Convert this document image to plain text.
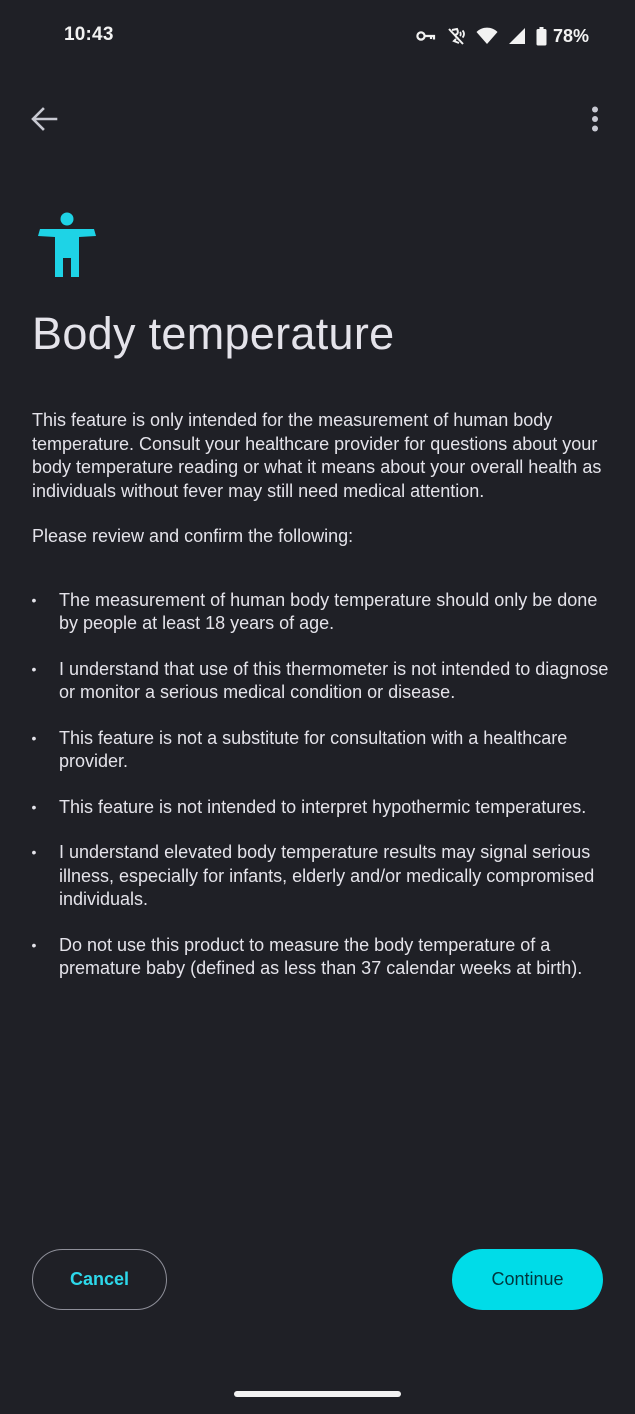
10:43	78%
Body temperature

This feature is only intended for the measurement of human body temperature. Consult your healthcare provider for questions about your body temperature reading or what it means about your overall health as individuals without fever may still need medical attention.

Please review and confirm the following:

• The measurement of human body temperature should only be done by people at least 18 years of age.
• I understand that use of this thermometer is not intended to diagnose or monitor a serious medical condition or disease.
• This feature is not a substitute for consultation with a healthcare provider.
• This feature is not intended to interpret hypothermic temperatures.
• I understand elevated body temperature results may signal serious illness, especially for infants, elderly and/or medically compromised individuals.
• Do not use this product to measure the body temperature of a premature baby (defined as less than 37 calendar weeks at birth).
Cancel	Continue
